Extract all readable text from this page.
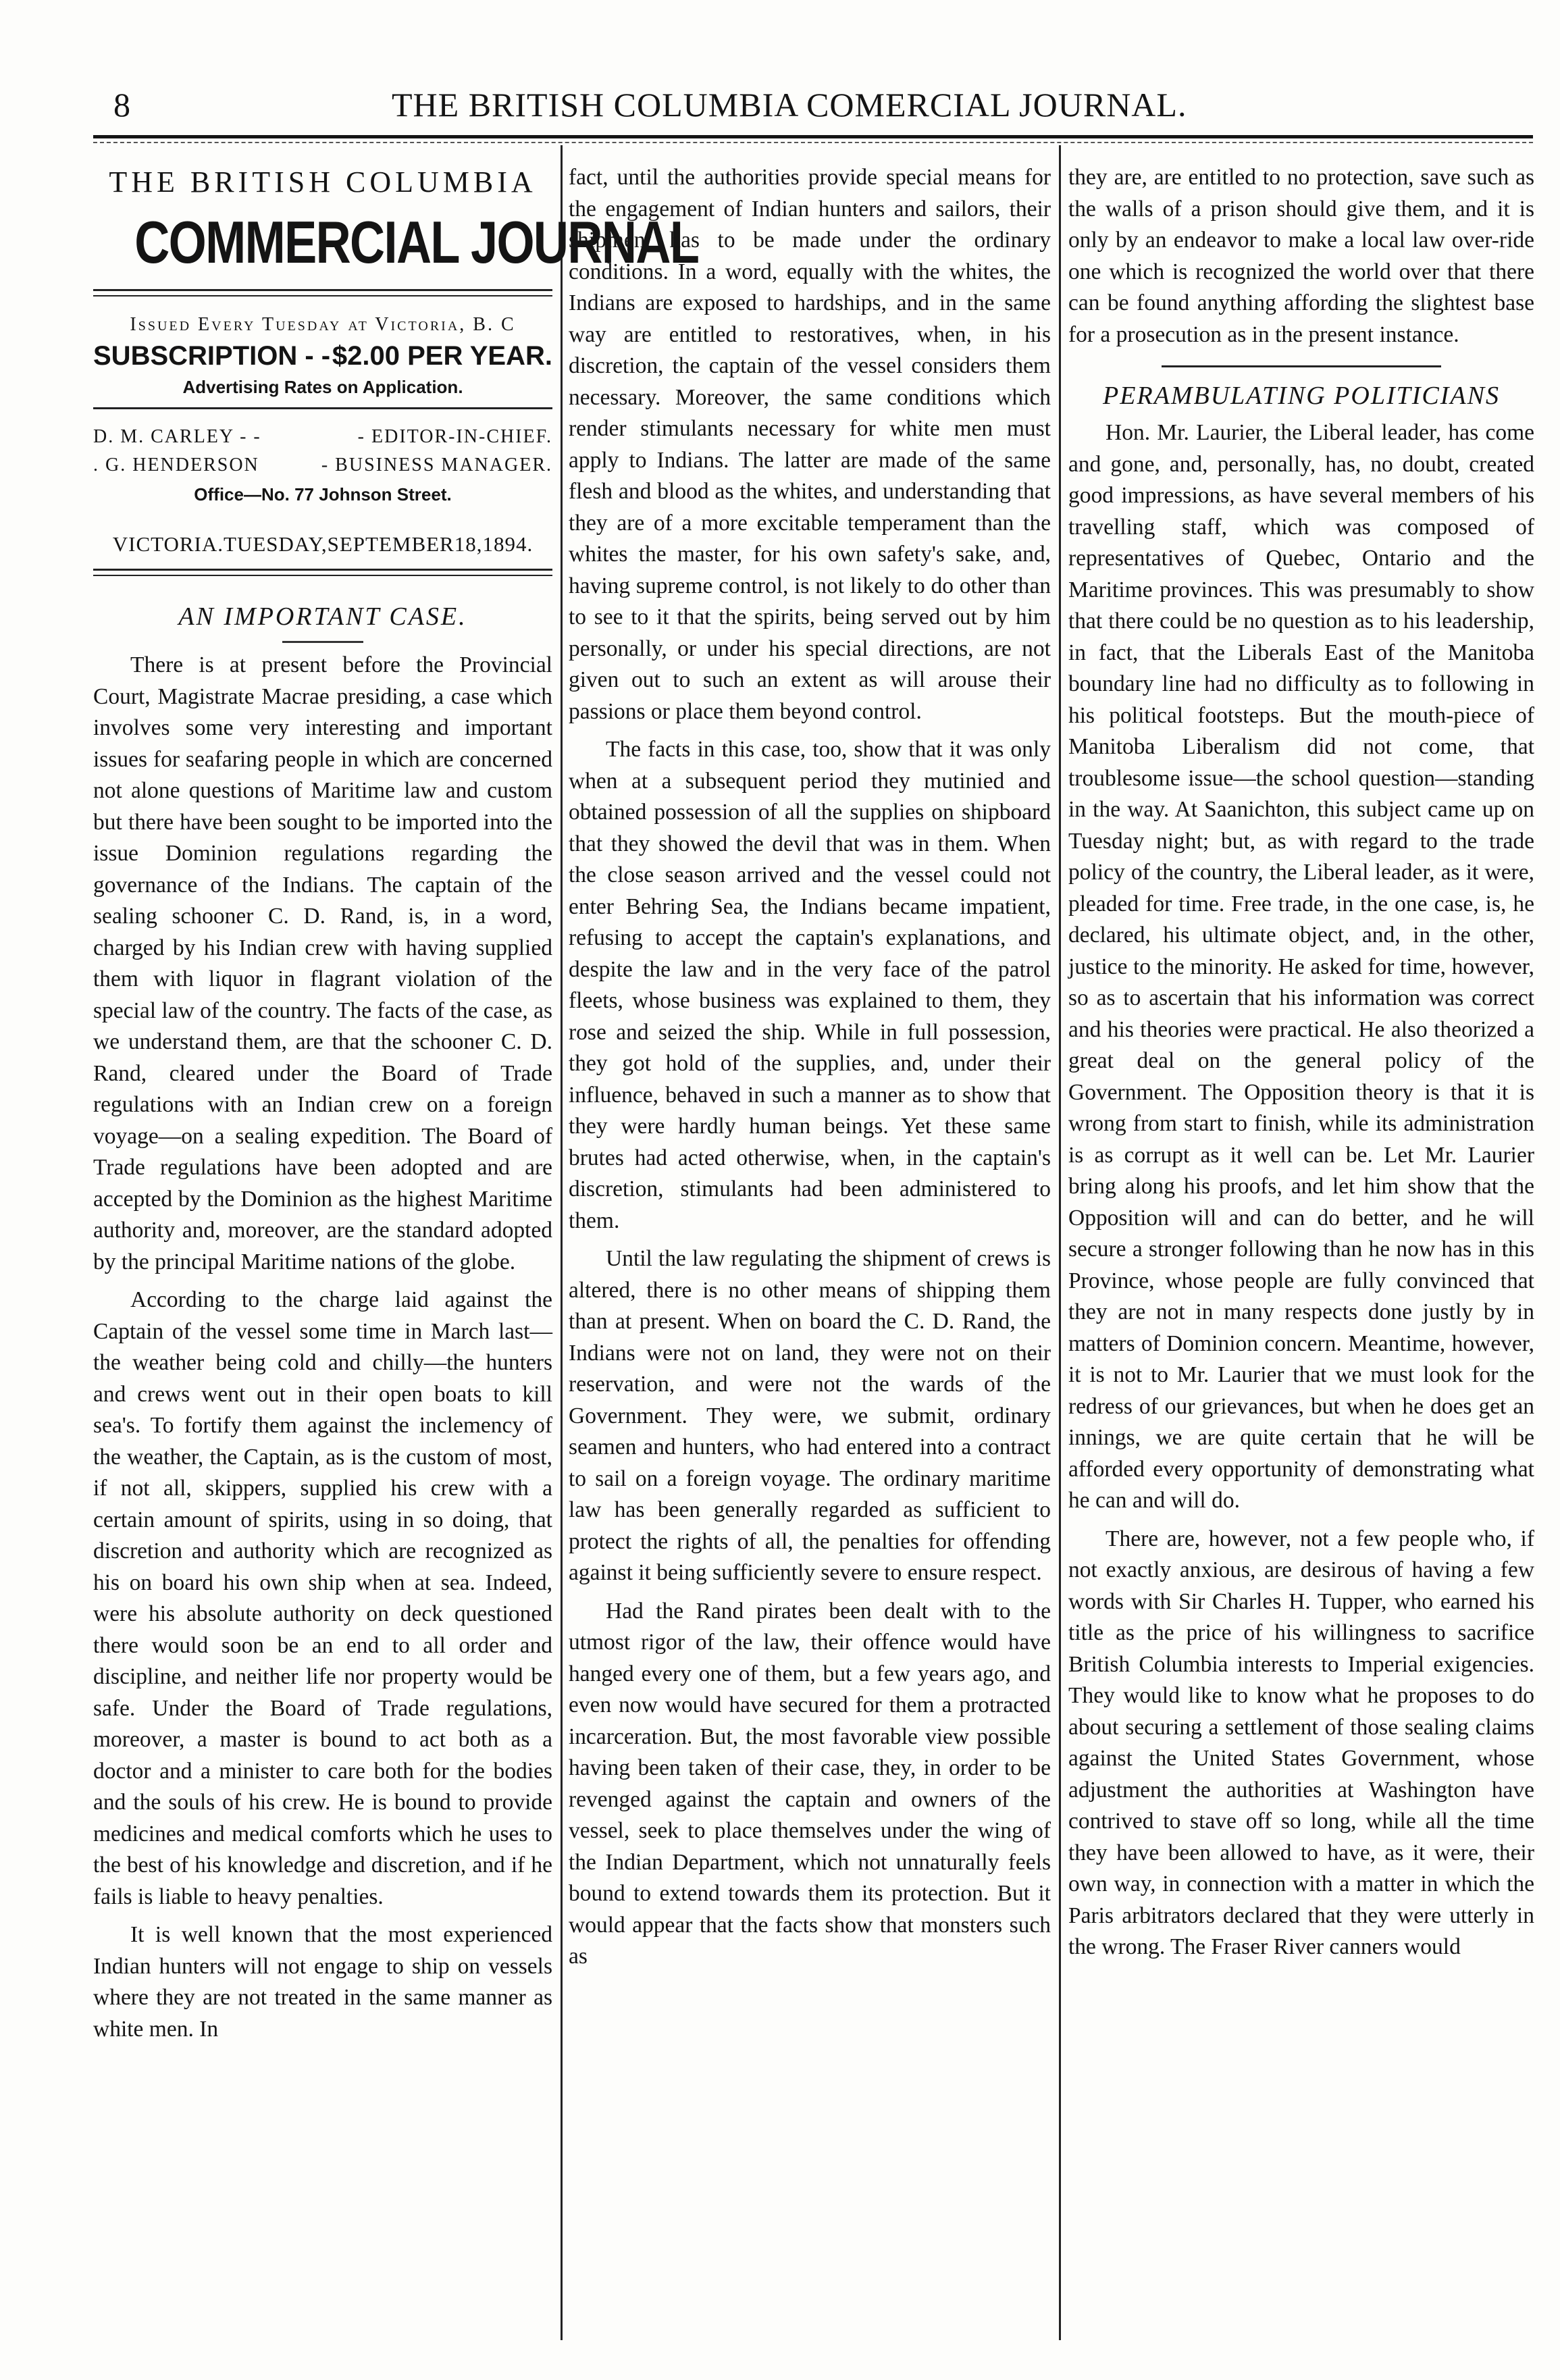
8	THE BRITISH COLUMBIA COMERCIAL JOURNAL.
THE BRITISH COLUMBIA
COMMERCIAL JOURNAL
Issued Every Tuesday at Victoria, B. C
SUBSCRIPTION - - $2.00 PER YEAR.
Advertising Rates on Application.
D. M. CARLEY - -	- EDITOR-IN-CHIEF.
. G. HENDERSON	- BUSINESS MANAGER.
Office—No. 77 Johnson Street.
VICTORIA.TUESDAY,SEPTEMBER18,1894.
AN IMPORTANT CASE.

There is at present before the Provincial Court, Magistrate Macrae presiding, a case which involves some very interesting and important issues for seafaring people in which are concerned not alone questions of Maritime law and custom but there have been sought to be imported into the issue Dominion regulations regarding the governance of the Indians. The captain of the sealing schooner C. D. Rand, is, in a word, charged by his Indian crew with having supplied them with liquor in flagrant violation of the special law of the country. The facts of the case, as we understand them, are that the schooner C. D. Rand, cleared under the Board of Trade regulations with an Indian crew on a foreign voyage—on a sealing expedition. The Board of Trade regulations have been adopted and are accepted by the Dominion as the highest Maritime authority and, moreover, are the standard adopted by the principal Maritime nations of the globe.

According to the charge laid against the Captain of the vessel some time in March last—the weather being cold and chilly—the hunters and crews went out in their open boats to kill sea's. To fortify them against the inclemency of the weather, the Captain, as is the custom of most, if not all, skippers, supplied his crew with a certain amount of spirits, using in so doing, that discretion and authority which are recognized as his on board his own ship when at sea. Indeed, were his absolute authority on deck questioned there would soon be an end to all order and discipline, and neither life nor property would be safe. Under the Board of Trade regulations, moreover, a master is bound to act both as a doctor and a minister to care both for the bodies and the souls of his crew. He is bound to provide medicines and medical comforts which he uses to the best of his knowledge and discretion, and if he fails is liable to heavy penalties.

It is well known that the most experienced Indian hunters will not engage to ship on vessels where they are not treated in the same manner as white men. In

fact, until the authorities provide special means for the engagement of Indian hunters and sailors, their shipment has to be made under the ordinary conditions. In a word, equally with the whites, the Indians are exposed to hardships, and in the same way are entitled to restoratives, when, in his discretion, the captain of the vessel considers them necessary. Moreover, the same conditions which render stimulants necessary for white men must apply to Indians. The latter are made of the same flesh and blood as the whites, and understanding that they are of a more excitable temperament than the whites the master, for his own safety's sake, and, having supreme control, is not likely to do other than to see to it that the spirits, being served out by him personally, or under his special directions, are not given out to such an extent as will arouse their passions or place them beyond control.

The facts in this case, too, show that it was only when at a subsequent period they mutinied and obtained possession of all the supplies on shipboard that they showed the devil that was in them. When the close season arrived and the vessel could not enter Behring Sea, the Indians became impatient, refusing to accept the captain's explanations, and despite the law and in the very face of the patrol fleets, whose business was explained to them, they rose and seized the ship. While in full possession, they got hold of the supplies, and, under their influence, behaved in such a manner as to show that they were hardly human beings. Yet these same brutes had acted otherwise, when, in the captain's discretion, stimulants had been administered to them.

Until the law regulating the shipment of crews is altered, there is no other means of shipping them than at present. When on board the C. D. Rand, the Indians were not on land, they were not on their reservation, and were not the wards of the Government. They were, we submit, ordinary seamen and hunters, who had entered into a contract to sail on a foreign voyage. The ordinary maritime law has been generally regarded as sufficient to protect the rights of all, the penalties for offending against it being sufficiently severe to ensure respect.

Had the Rand pirates been dealt with to the utmost rigor of the law, their offence would have hanged every one of them, but a few years ago, and even now would have secured for them a protracted incarceration. But, the most favorable view possible having been taken of their case, they, in order to be revenged against the captain and owners of the vessel, seek to place themselves under the wing of the Indian Department, which not unnaturally feels bound to extend towards them its protection. But it would appear that the facts show that monsters such as

they are, are entitled to no protection, save such as the walls of a prison should give them, and it is only by an endeavor to make a local law over-ride one which is recognized the world over that there can be found anything affording the slightest base for a prosecution as in the present instance.

PERAMBULATING POLITICIANS

Hon. Mr. Laurier, the Liberal leader, has come and gone, and, personally, has, no doubt, created good impressions, as have several members of his travelling staff, which was composed of representatives of Quebec, Ontario and the Maritime provinces. This was presumably to show that there could be no question as to his leadership, in fact, that the Liberals East of the Manitoba boundary line had no difficulty as to following in his political footsteps. But the mouth-piece of Manitoba Liberalism did not come, that troublesome issue—the school question—standing in the way. At Saanichton, this subject came up on Tuesday night; but, as with regard to the trade policy of the country, the Liberal leader, as it were, pleaded for time. Free trade, in the one case, is, he declared, his ultimate object, and, in the other, justice to the minority. He asked for time, however, so as to ascertain that his information was correct and his theories were practical. He also theorized a great deal on the general policy of the Government. The Opposition theory is that it is wrong from start to finish, while its administration is as corrupt as it well can be. Let Mr. Laurier bring along his proofs, and let him show that the Opposition will and can do better, and he will secure a stronger following than he now has in this Province, whose people are fully convinced that they are not in many respects done justly by in matters of Dominion concern. Meantime, however, it is not to Mr. Laurier that we must look for the redress of our grievances, but when he does get an innings, we are quite certain that he will be afforded every opportunity of demonstrating what he can and will do.

There are, however, not a few people who, if not exactly anxious, are desirous of having a few words with Sir Charles H. Tupper, who earned his title as the price of his willingness to sacrifice British Columbia interests to Imperial exigencies. They would like to know what he proposes to do about securing a settlement of those sealing claims against the United States Government, whose adjustment the authorities at Washington have contrived to stave off so long, while all the time they have been allowed to have, as it were, their own way, in connection with a matter in which the Paris arbitrators declared that they were utterly in the wrong. The Fraser River canners would
